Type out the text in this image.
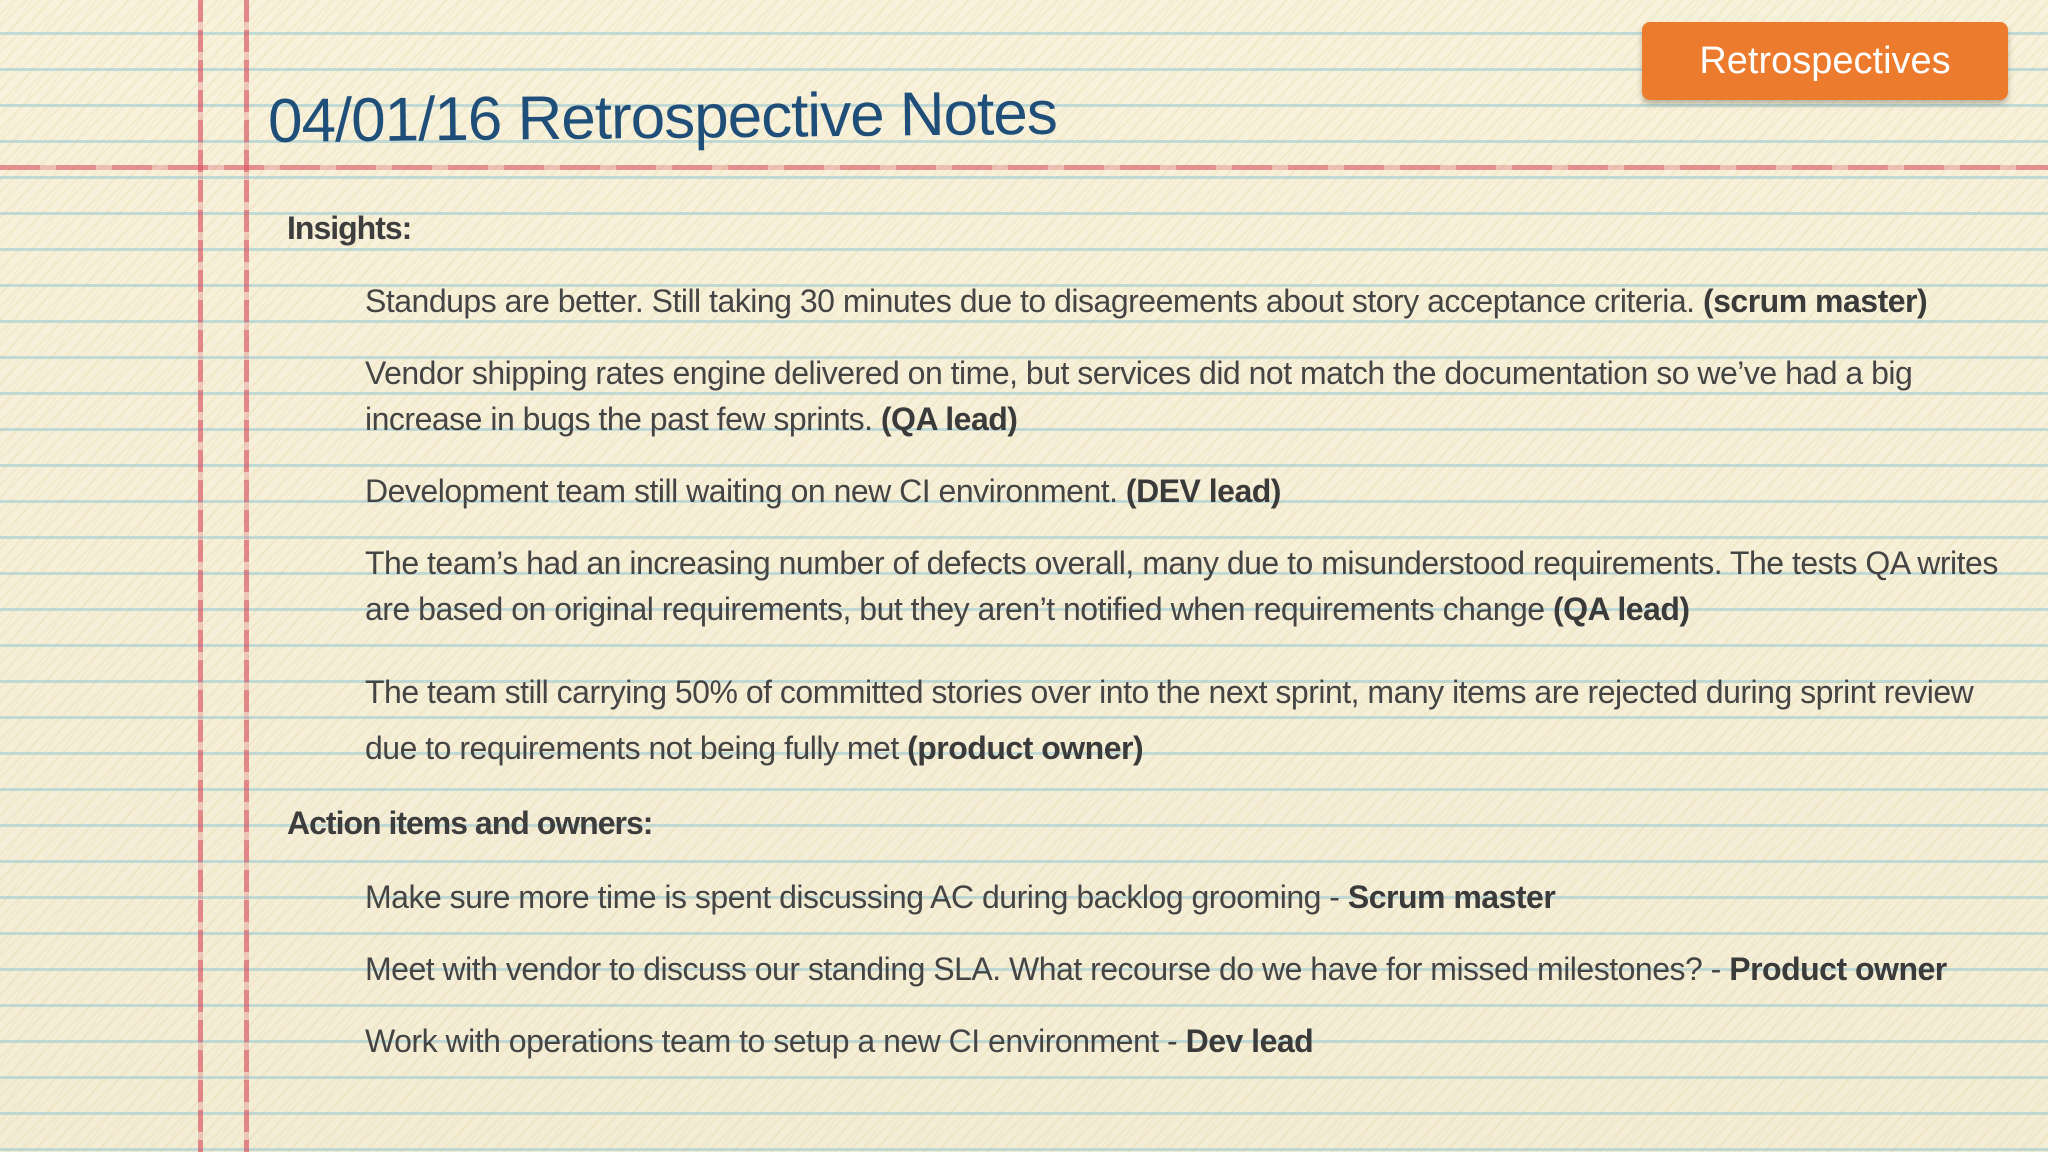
Retrospectives
04/01/16 Retrospective Notes
Insights:
Standups are better. Still taking 30 minutes due to disagreements about story acceptance criteria. (scrum master)
Vendor shipping rates engine delivered on time, but services did not match the documentation so we’ve had a big increase in bugs the past few sprints. (QA lead)
Development team still waiting on new CI environment. (DEV lead)
The team’s had an increasing number of defects overall, many due to misunderstood requirements. The tests QA writes are based on original requirements, but they aren’t notified when requirements change (QA lead)
The team still carrying 50% of committed stories over into the next sprint, many items are rejected during sprint review due to requirements not being fully met (product owner)
Action items and owners:
Make sure more time is spent discussing AC during backlog grooming - Scrum master
Meet with vendor to discuss our standing SLA. What recourse do we have for missed milestones? - Product owner
Work with operations team to setup a new CI environment - Dev lead
